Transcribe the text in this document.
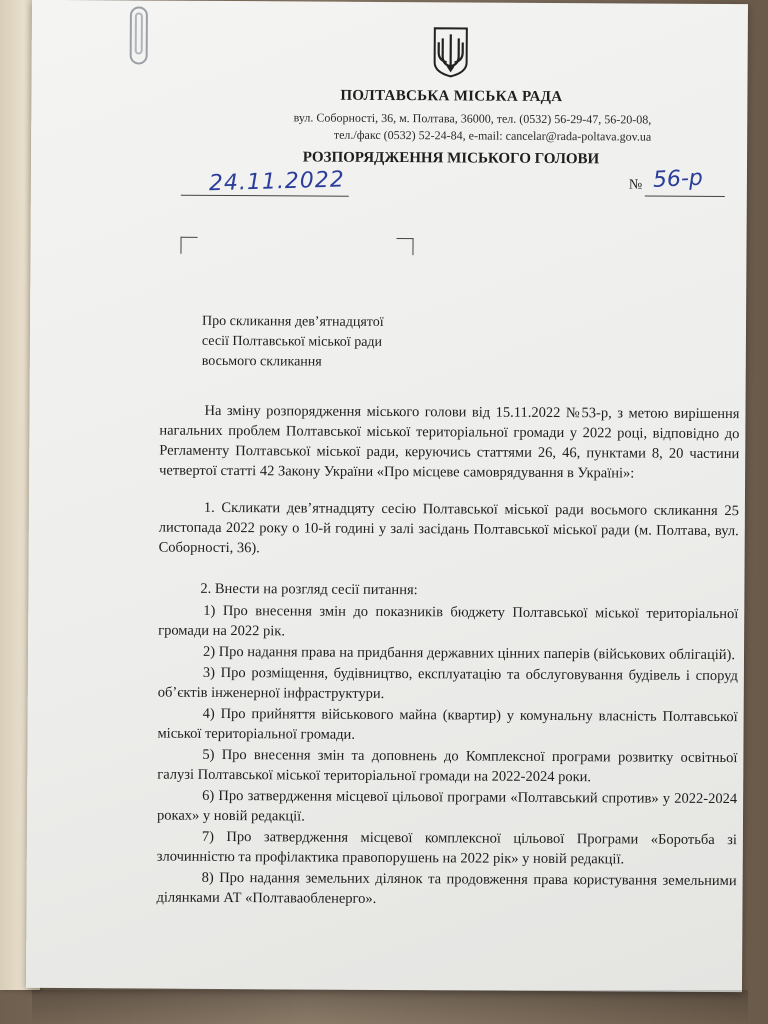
ПОЛТАВСЬКА МІСЬКА РАДА
вул. Соборності, 36, м. Полтава, 36000, тел. (0532) 56-29-47, 56-20-08,
тел./факс (0532) 52-24-84, e-mail: cancelar@rada-poltava.gov.ua
РОЗПОРЯДЖЕННЯ МІСЬКОГО ГОЛОВИ
24.11.2022	№ 56-р
Про скликання дев’ятнадцятої
сесії Полтавської міської ради
восьмого скликання
На зміну розпорядження міського голови від 15.11.2022 №53-р, з метою вирішення нагальних проблем Полтавської міської територіальної громади у 2022 році, відповідно до Регламенту Полтавської міської ради, керуючись статтями 26, 46, пунктами 8, 20 частини четвертої статті 42 Закону України «Про місцеве самоврядування в Україні»:
1. Скликати дев’ятнадцяту сесію Полтавської міської ради восьмого скликання 25 листопада 2022 року о 10-й годині у залі засідань Полтавської міської ради (м. Полтава, вул. Соборності, 36).
2. Внести на розгляд сесії питання:
1) Про внесення змін до показників бюджету Полтавської міської територіальної громади на 2022 рік.
2) Про надання права на придбання державних цінних паперів (військових облігацій).
3) Про розміщення, будівництво, експлуатацію та обслуговування будівель і споруд об’єктів інженерної інфраструктури.
4) Про прийняття військового майна (квартир) у комунальну власність Полтавської міської територіальної громади.
5) Про внесення змін та доповнень до Комплексної програми розвитку освітньої галузі Полтавської міської територіальної громади на 2022-2024 роки.
6) Про затвердження місцевої цільової програми «Полтавський спротив» у 2022-2024 роках» у новій редакції.
7) Про затвердження місцевої комплексної цільової Програми «Боротьба зі злочинністю та профілактика правопорушень на 2022 рік» у новій редакції.
8) Про надання земельних ділянок та продовження права користування земельними ділянками АТ «Полтаваобленерго».
